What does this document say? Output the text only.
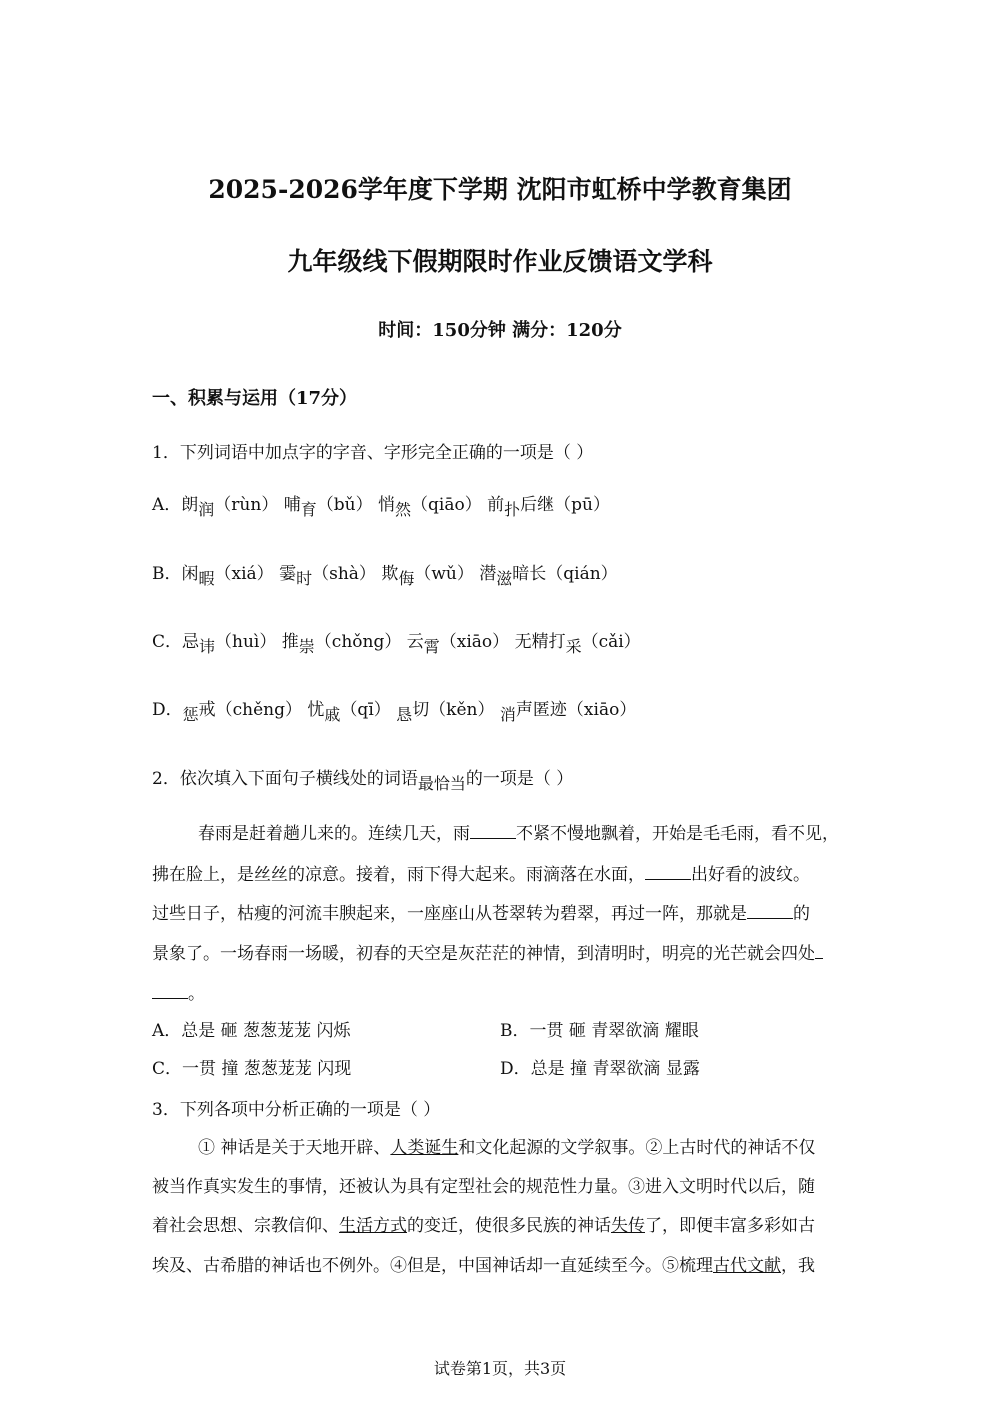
2025-2026学年度下学期 沈阳市虹桥中学教育集团
九年级线下假期限时作业反馈语文学科
时间：150分钟 满分：120分
一、积累与运用（17分）
1．下列词语中加点字的字音、字形完全正确的一项是（ ）
A．朗润（rùn） 哺育（bǔ） 悄然（qiāo） 前扑后继（pū）
B．闲暇（xiá） 霎时（shà） 欺侮（wǔ） 潜滋暗长（qián）
C．忌讳（huì） 推崇（chǒng） 云霄（xiāo） 无精打采（cǎi）
D．惩戒（chěng） 忧戚（qī） 恳切（kěn） 消声匿迹（xiāo）
2．依次填入下面句子横线处的词语最恰当的一项是（ ）
春雨是赶着趟儿来的。连续几天，雨	不紧不慢地飘着，开始是毛毛雨，看不见，
拂在脸上，是丝丝的凉意。接着，雨下得大起来。雨滴落在水面，	出好看的波纹。
过些日子，枯瘦的河流丰腴起来，一座座山从苍翠转为碧翠，再过一阵，那就是	的
景象了。一场春雨一场暖，初春的天空是灰茫茫的神情，到清明时，明亮的光芒就会四处
。
A．总是 砸 葱葱茏茏 闪烁	B．一贯 砸 青翠欲滴 耀眼
C．一贯 撞 葱葱茏茏 闪现	D．总是 撞 青翠欲滴 显露
3．下列各项中分析正确的一项是（ ）
① 神话是关于天地开辟、人类诞生和文化起源的文学叙事。②上古时代的神话不仅
被当作真实发生的事情，还被认为具有定型社会的规范性力量。③进入文明时代以后，随
着社会思想、宗教信仰、生活方式的变迁，使很多民族的神话失传了，即便丰富多彩如古
埃及、古希腊的神话也不例外。④但是，中国神话却一直延续至今。⑤梳理古代文献，我
试卷第1页，共3页
